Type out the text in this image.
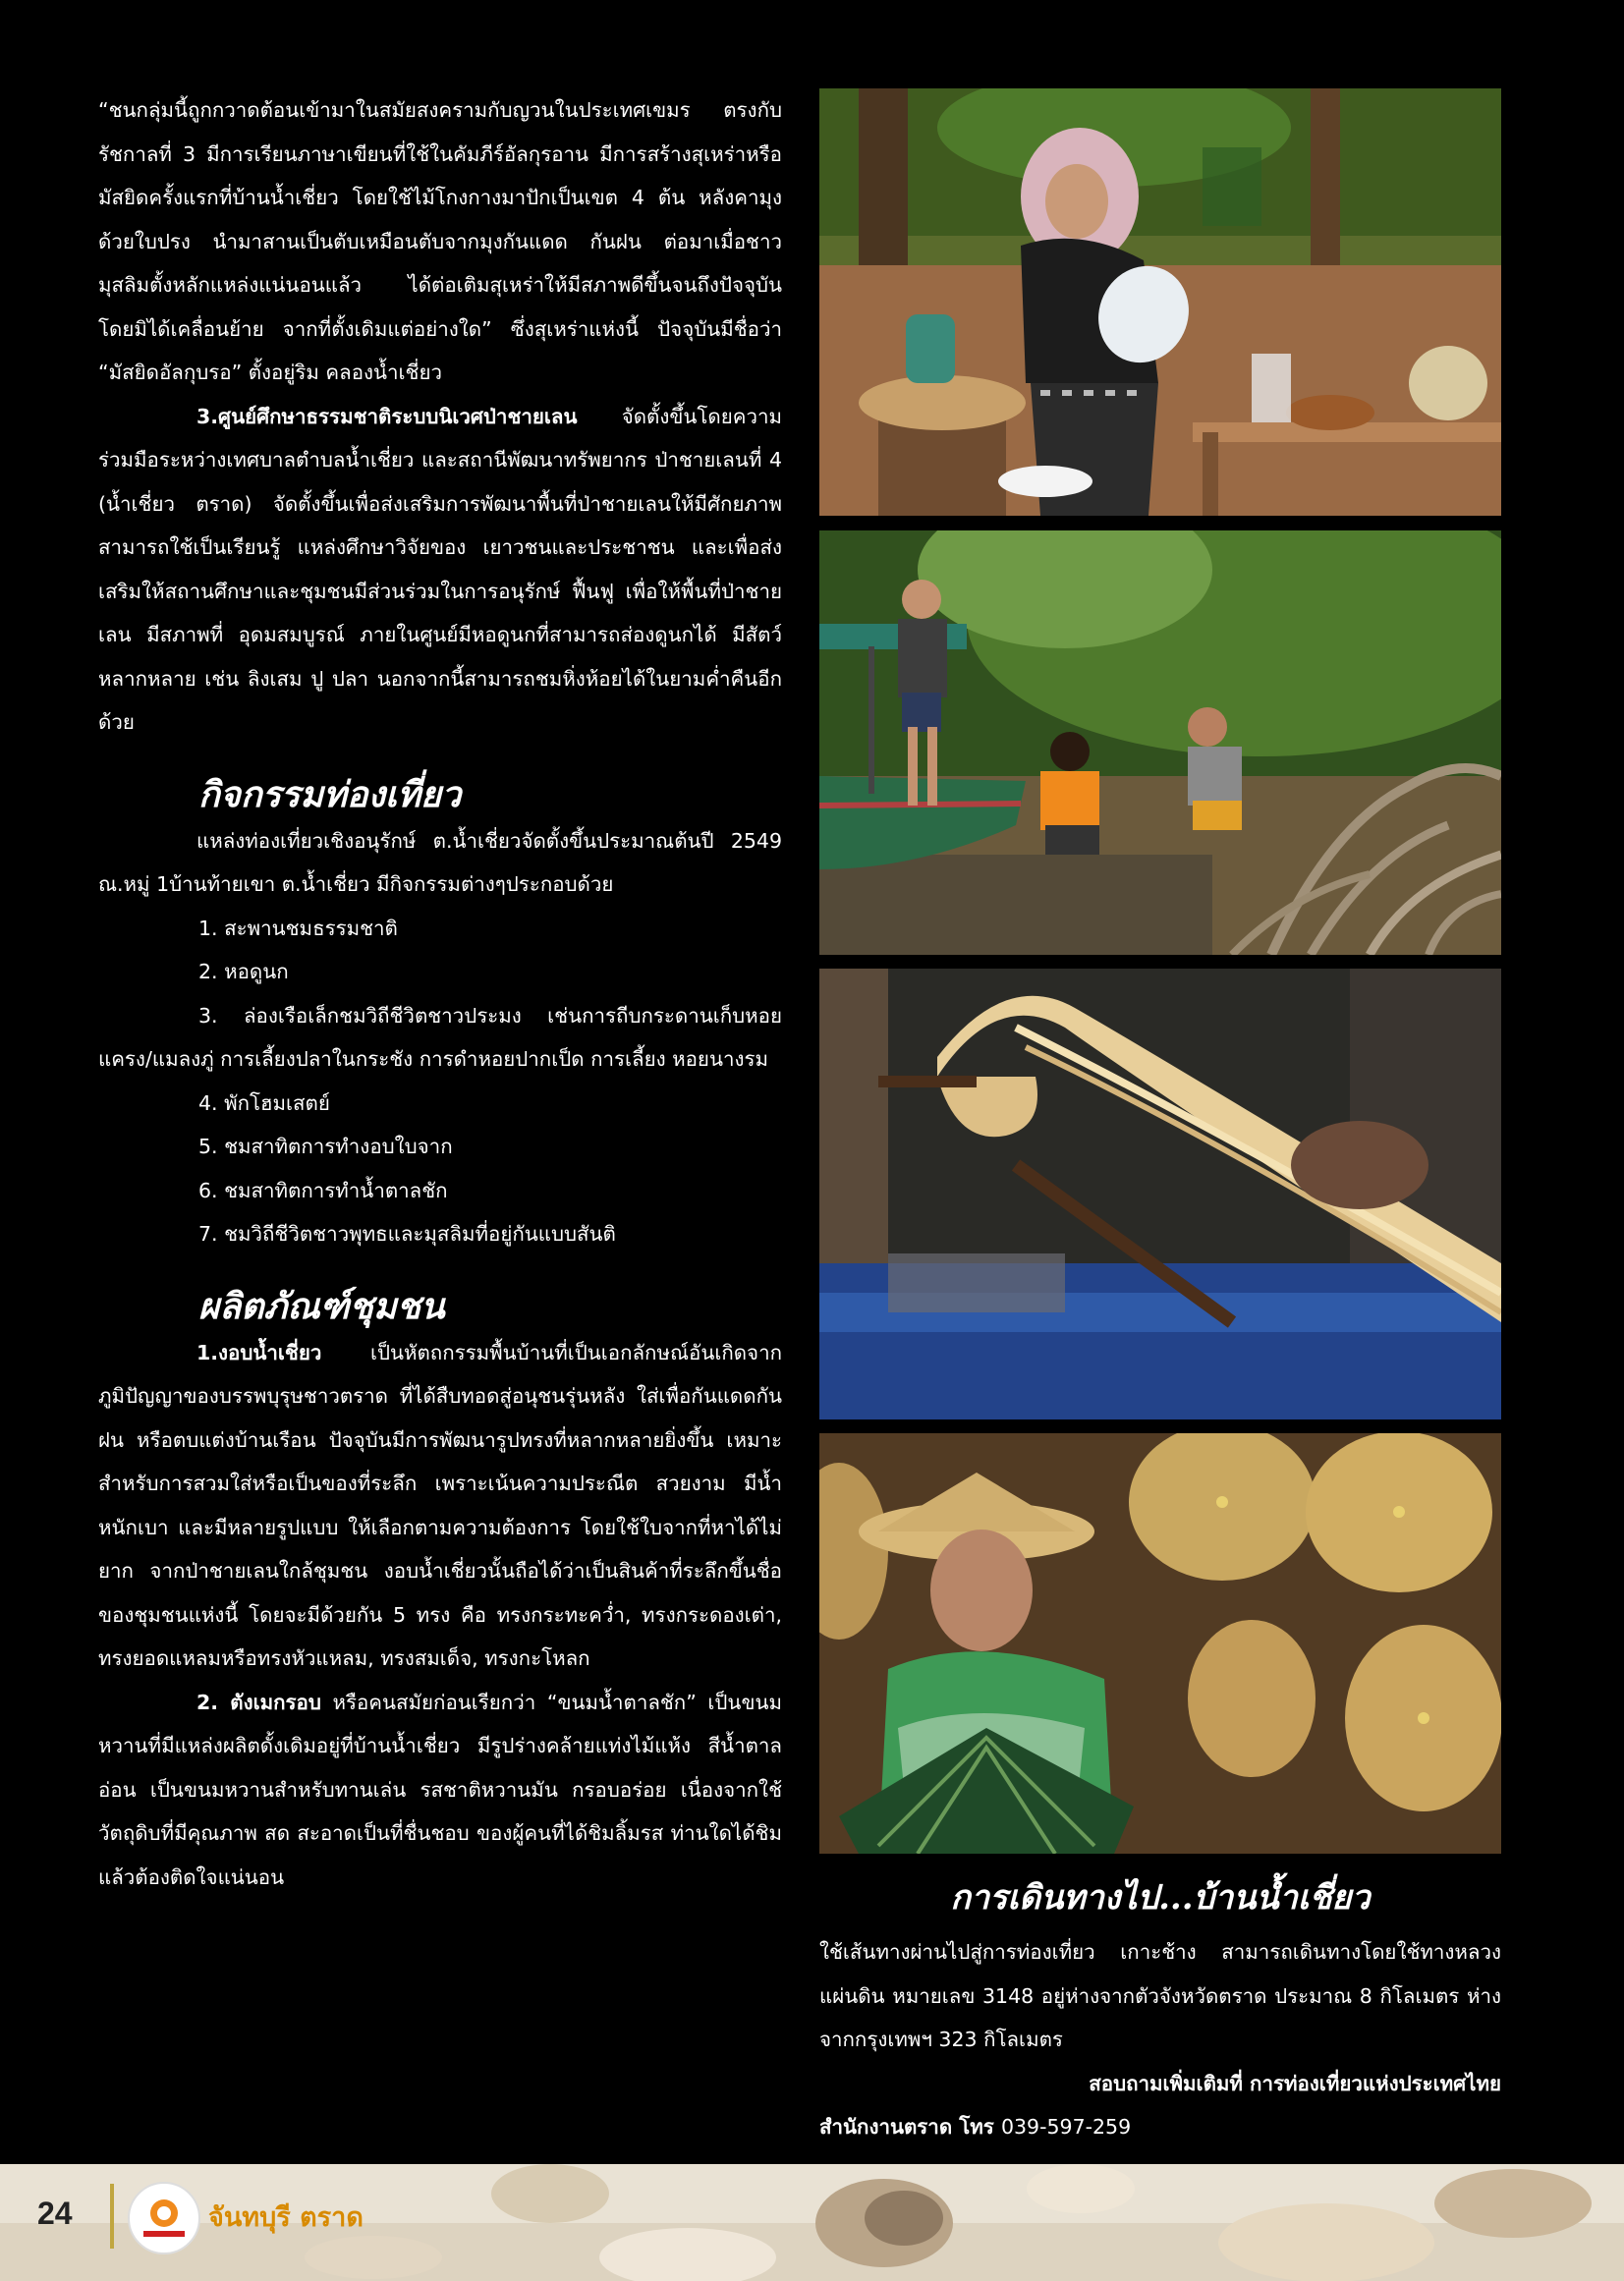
“ชนกลุ่มนี้ถูกกวาดต้อนเข้ามาในสมัยสงครามกับญวนในประเทศเขมร ตรงกับรัชกาลที่ 3 มีการเรียนภาษาเขียนที่ใช้ในคัมภีร์อัลกุรอาน มีการสร้างสุเหร่าหรือมัสยิดครั้งแรกที่บ้านน้ำเชี่ยว โดยใช้ไม้โกงกางมาปักเป็นเขต 4 ต้น หลังคามุงด้วยใบปรง นำมาสานเป็นตับเหมือนตับจากมุงกันแดด กันฝน ต่อมาเมื่อชาวมุสลิมตั้งหลักแหล่งแน่นอนแล้ว ได้ต่อเติมสุเหร่าให้มีสภาพดีขึ้นจนถึงปัจจุบัน โดยมิได้เคลื่อนย้าย จากที่ตั้งเดิมแต่อย่างใด” ซึ่งสุเหร่าแห่งนี้ ปัจจุบันมีชื่อว่า “มัสยิดอัลกุบรอ” ตั้งอยู่ริม คลองน้ำเชี่ยว

3.ศูนย์ศึกษาธรรมชาติระบบนิเวศป่าชายเลน จัดตั้งขึ้นโดยความร่วมมือระหว่างเทศบาลตำบลน้ำเชี่ยว และสถานีพัฒนาทรัพยากร ป่าชายเลนที่ 4 (น้ำเชี่ยว ตราด) จัดตั้งขึ้นเพื่อส่งเสริมการพัฒนาพื้นที่ป่าชายเลนให้มีศักยภาพ สามารถใช้เป็นเรียนรู้ แหล่งศึกษาวิจัยของ เยาวชนและประชาชน และเพื่อส่งเสริมให้สถานศึกษาและชุมชนมีส่วนร่วมในการอนุรักษ์ ฟื้นฟู เพื่อให้พื้นที่ป่าชายเลน มีสภาพที่ อุดมสมบูรณ์ ภายในศูนย์มีหอดูนกที่สามารถส่องดูนกได้ มีสัตว์หลากหลาย เช่น ลิงเสม ปู ปลา นอกจากนี้สามารถชมหิ่งห้อยได้ในยามค่ำคืนอีกด้วย

กิจกรรมท่องเที่ยว

แหล่งท่องเที่ยวเชิงอนุรักษ์ ต.น้ำเชี่ยวจัดตั้งขึ้นประมาณต้นปี 2549 ณ.หมู่ 1บ้านท้ายเขา ต.น้ำเชี่ยว มีกิจกรรมต่างๆประกอบด้วย

1. สะพานชมธรรมชาติ

2. หอดูนก

3. ล่องเรือเล็กชมวิถีชีวิตชาวประมง เช่นการถีบกระดานเก็บหอยแครง/แมลงภู่ การเลี้ยงปลาในกระชัง การดำหอยปากเป็ด การเลี้ยง หอยนางรม

4. พักโฮมเสตย์

5. ชมสาทิตการทำงอบใบจาก

6. ชมสาทิตการทำน้ำตาลชัก

7. ชมวิถีชีวิตชาวพุทธและมุสลิมที่อยู่กันแบบสันติ

ผลิตภัณฑ์ชุมชน

1.งอบน้ำเชี่ยว เป็นหัตถกรรมพื้นบ้านที่เป็นเอกลักษณ์อันเกิดจากภูมิปัญญาของบรรพบุรุษชาวตราด ที่ได้สืบทอดสู่อนุชนรุ่นหลัง ใส่เพื่อกันแดดกันฝน หรือตบแต่งบ้านเรือน ปัจจุบันมีการพัฒนารูปทรงที่หลากหลายยิ่งขึ้น เหมาะสำหรับการสวมใส่หรือเป็นของที่ระลึก เพราะเน้นความประณีต สวยงาม มีน้ำหนักเบา และมีหลายรูปแบบ ให้เลือกตามความต้องการ โดยใช้ใบจากที่หาได้ไม่ยาก จากป่าชายเลนใกล้ชุมชน งอบน้ำเชี่ยวนั้นถือได้ว่าเป็นสินค้าที่ระลึกขึ้นชื่อของชุมชนแห่งนี้ โดยจะมีด้วยกัน 5 ทรง คือ ทรงกระทะคว่ำ, ทรงกระดองเต่า, ทรงยอดแหลมหรือทรงหัวแหลม, ทรงสมเด็จ, ทรงกะโหลก

2. ตังเมกรอบ หรือคนสมัยก่อนเรียกว่า “ขนมน้ำตาลชัก” เป็นขนมหวานที่มีแหล่งผลิตดั้งเดิมอยู่ที่บ้านน้ำเชี่ยว มีรูปร่างคล้ายแท่งไม้แห้ง สีน้ำตาลอ่อน เป็นขนมหวานสำหรับทานเล่น รสชาติหวานมัน กรอบอร่อย เนื่องจากใช้วัตถุดิบที่มีคุณภาพ สด สะอาดเป็นที่ชื่นชอบ ของผู้คนที่ได้ชิมลิ้มรส ท่านใดได้ชิมแล้วต้องติดใจแน่นอน

การเดินทางไป...บ้านน้ำเชี่ยว

ใช้เส้นทางผ่านไปสู่การท่องเที่ยว เกาะช้าง สามารถเดินทางโดยใช้ทางหลวงแผ่นดิน หมายเลข 3148 อยู่ห่างจากตัวจังหวัดตราด ประมาณ 8 กิโลเมตร ห่างจากกรุงเทพฯ 323 กิโลเมตร

สอบถามเพิ่มเติมที่ การท่องเที่ยวแห่งประเทศไทย

สำนักงานตราด โทร 039-597-259

24	จันทบุรี ตราด
